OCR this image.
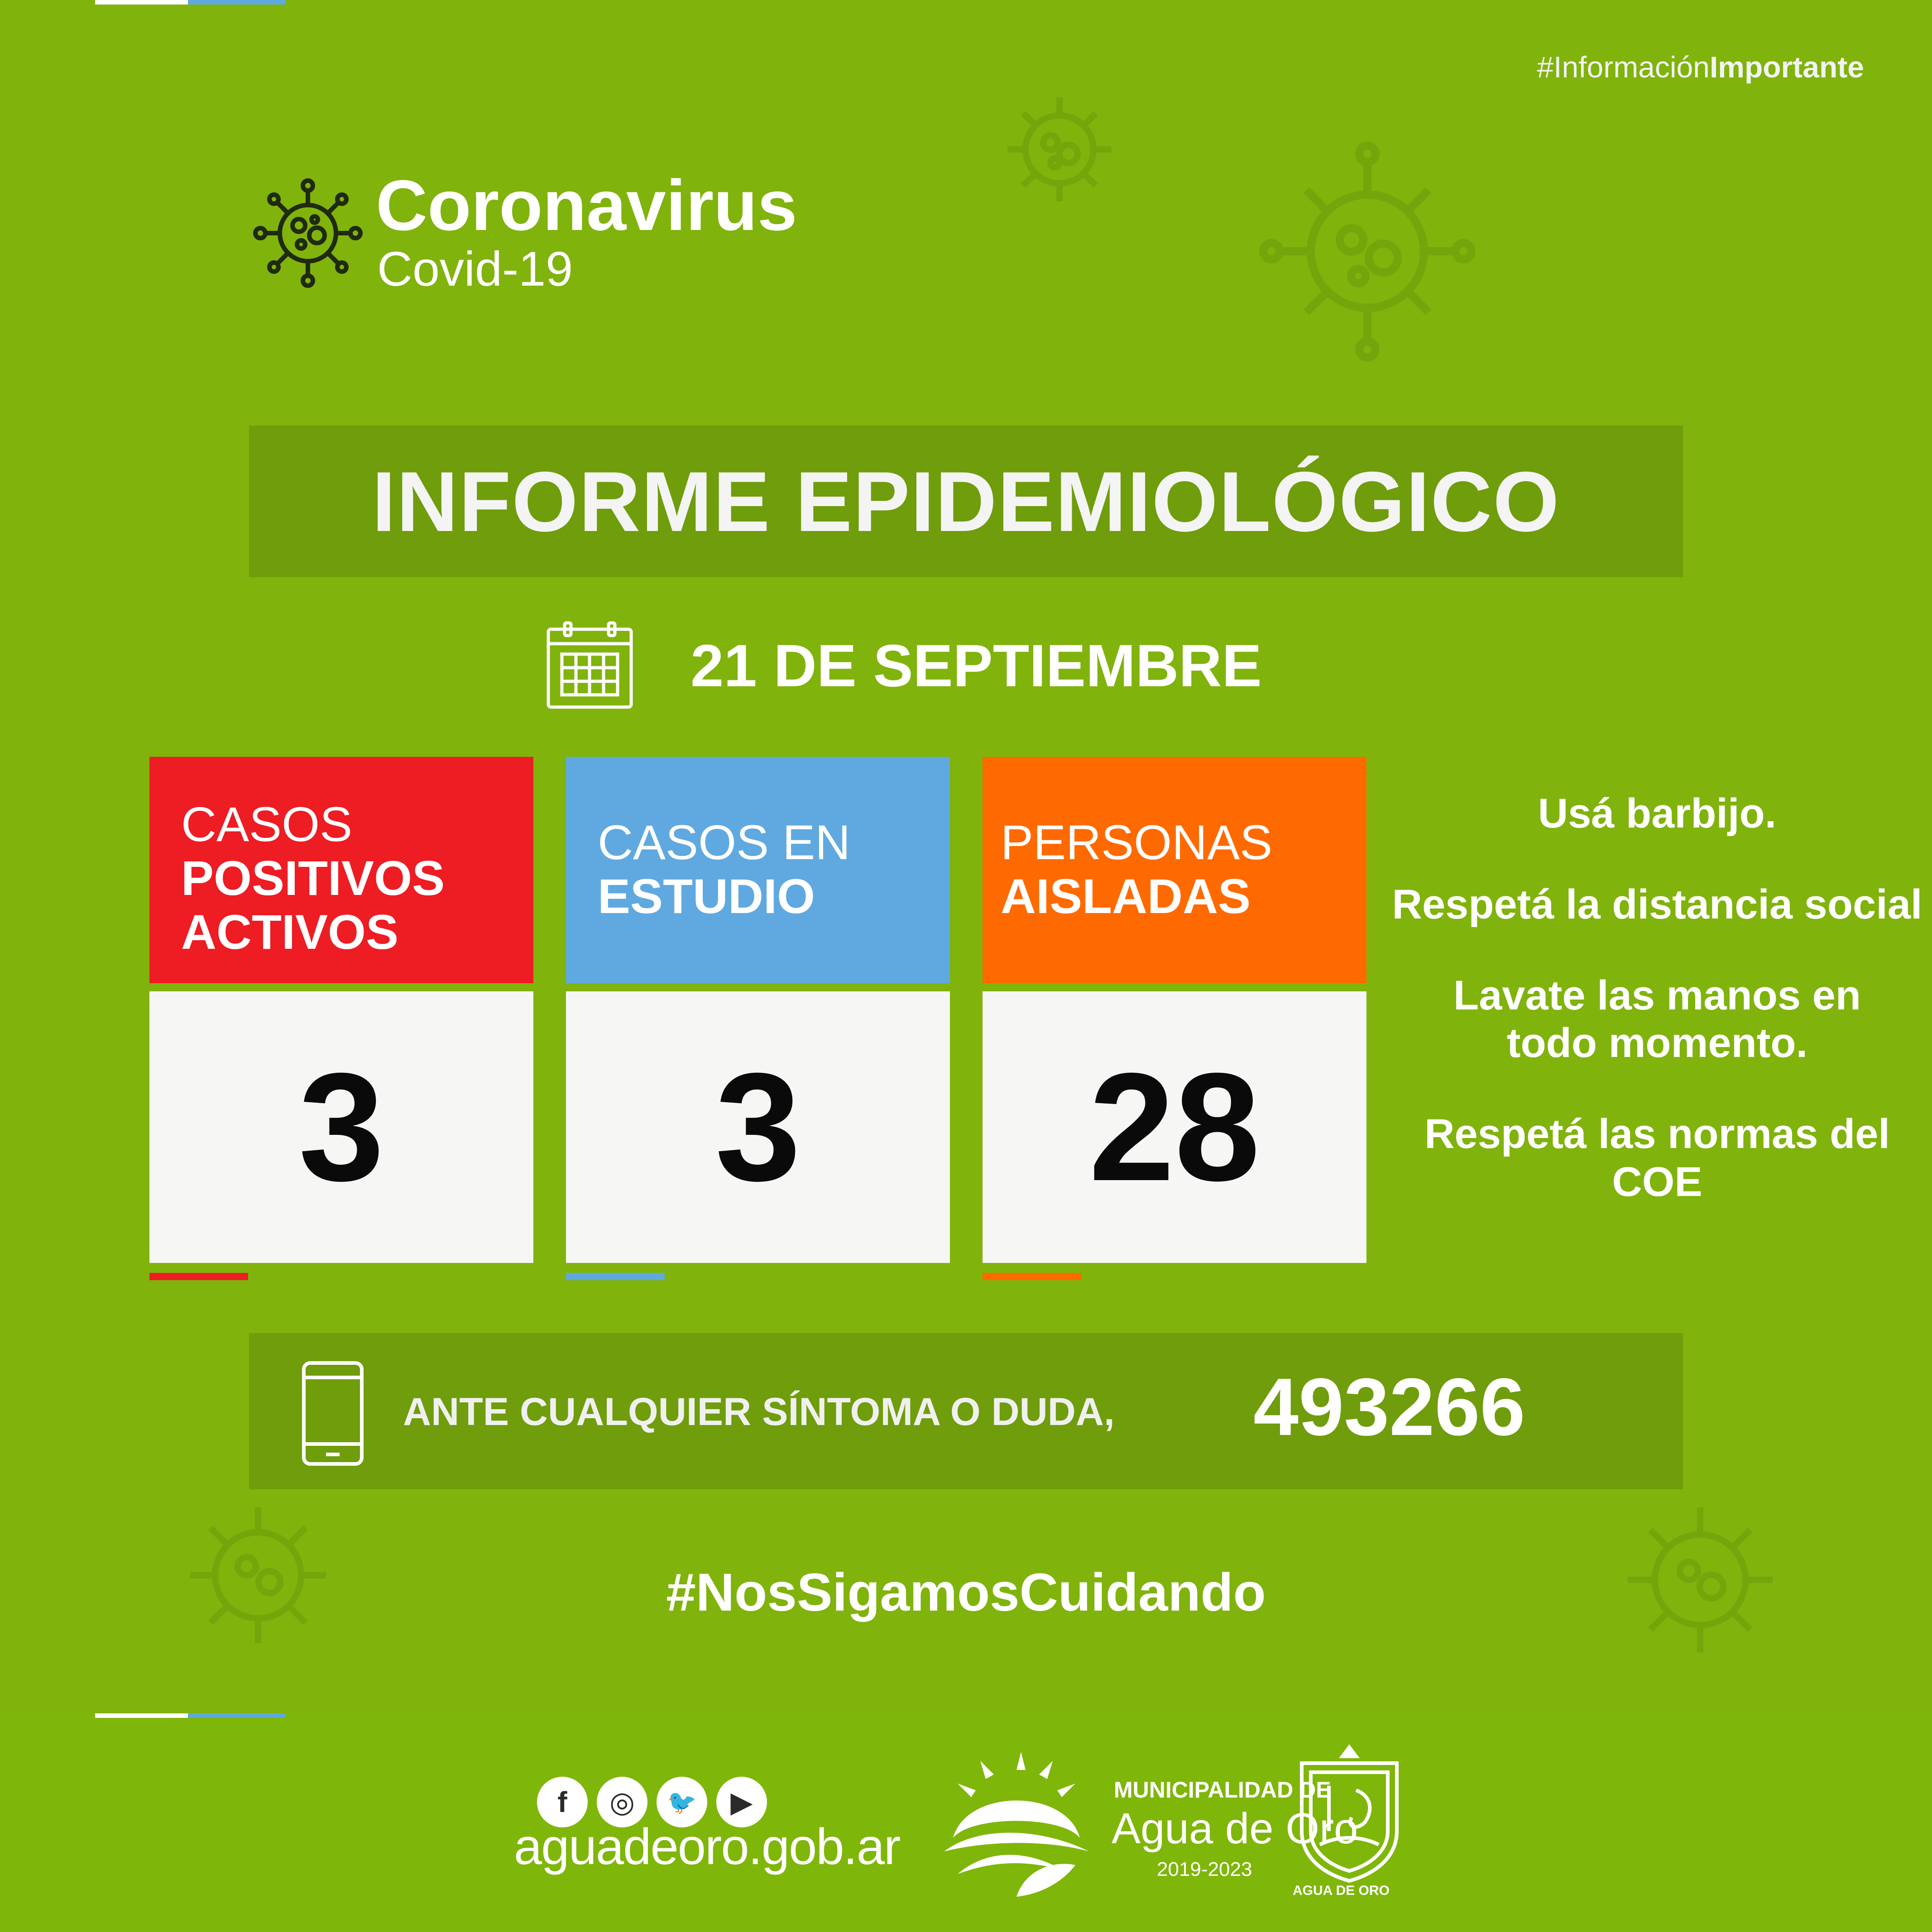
#InformaciónImportante
Coronavirus
Covid-19
INFORME EPIDEMIOLÓGICO
21 DE SEPTIEMBRE
CASOS
POSITIVOS
ACTIVOS
3
CASOS EN
ESTUDIO
3
PERSONAS
AISLADAS
28

Usá barbijo.

Respetá la distancia social

Lavate las manos en todo momento.

Respetá las normas del COE

ANTE CUALQUIER SÍNTOMA O DUDA, 493266
#NosSigamosCuidando
f ◎ 🐦 ▶
aguadeoro.gob.ar
MUNICIPALIDAD DE
Agua de Oro
2019-2023
AGUA DE ORO
